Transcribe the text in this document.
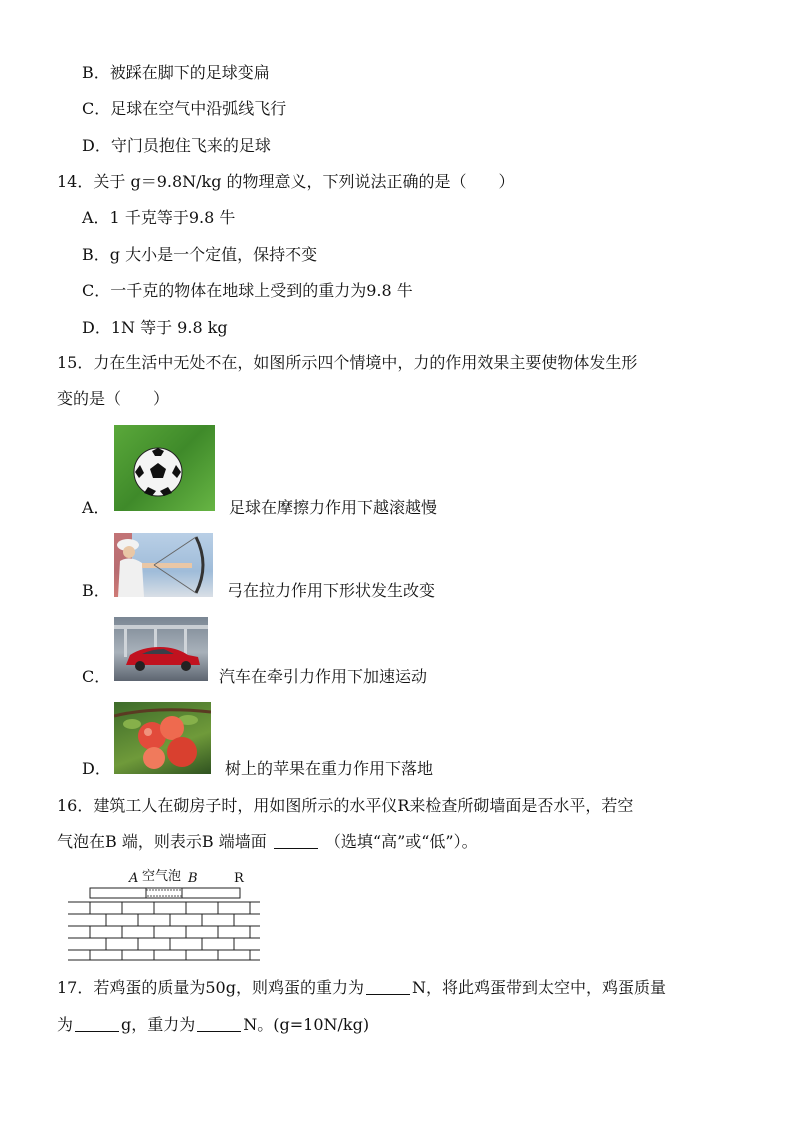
B．被踩在脚下的足球变扁
C．足球在空气中沿弧线飞行
D．守门员抱住飞来的足球
14．关于 g＝9.8N/kg 的物理意义，下列说法正确的是（　　）
A．1 千克等于9.8 牛
B．g 大小是一个定值，保持不变
C．一千克的物体在地球上受到的重力为9.8 牛
D．1N 等于 9.8 kg
15．力在生活中无处不在，如图所示四个情境中，力的作用效果主要使物体发生形
变的是（　　）
A．	足球在摩擦力作用下越滚越慢
B．	弓在拉力作用下形状发生改变
C．	汽车在牵引力作用下加速运动
D．	树上的苹果在重力作用下落地
16．建筑工人在砌房子时，用如图所示的水平仪R来检查所砌墙面是否水平，若空
气泡在B 端，则表示B 端墙面	（选填“高”或“低”）。
A 空气泡 B	R
17．若鸡蛋的质量为50g，则鸡蛋的重力为	N，将此鸡蛋带到太空中，鸡蛋质量
为	g，重力为	N。(g=10N/kg)
